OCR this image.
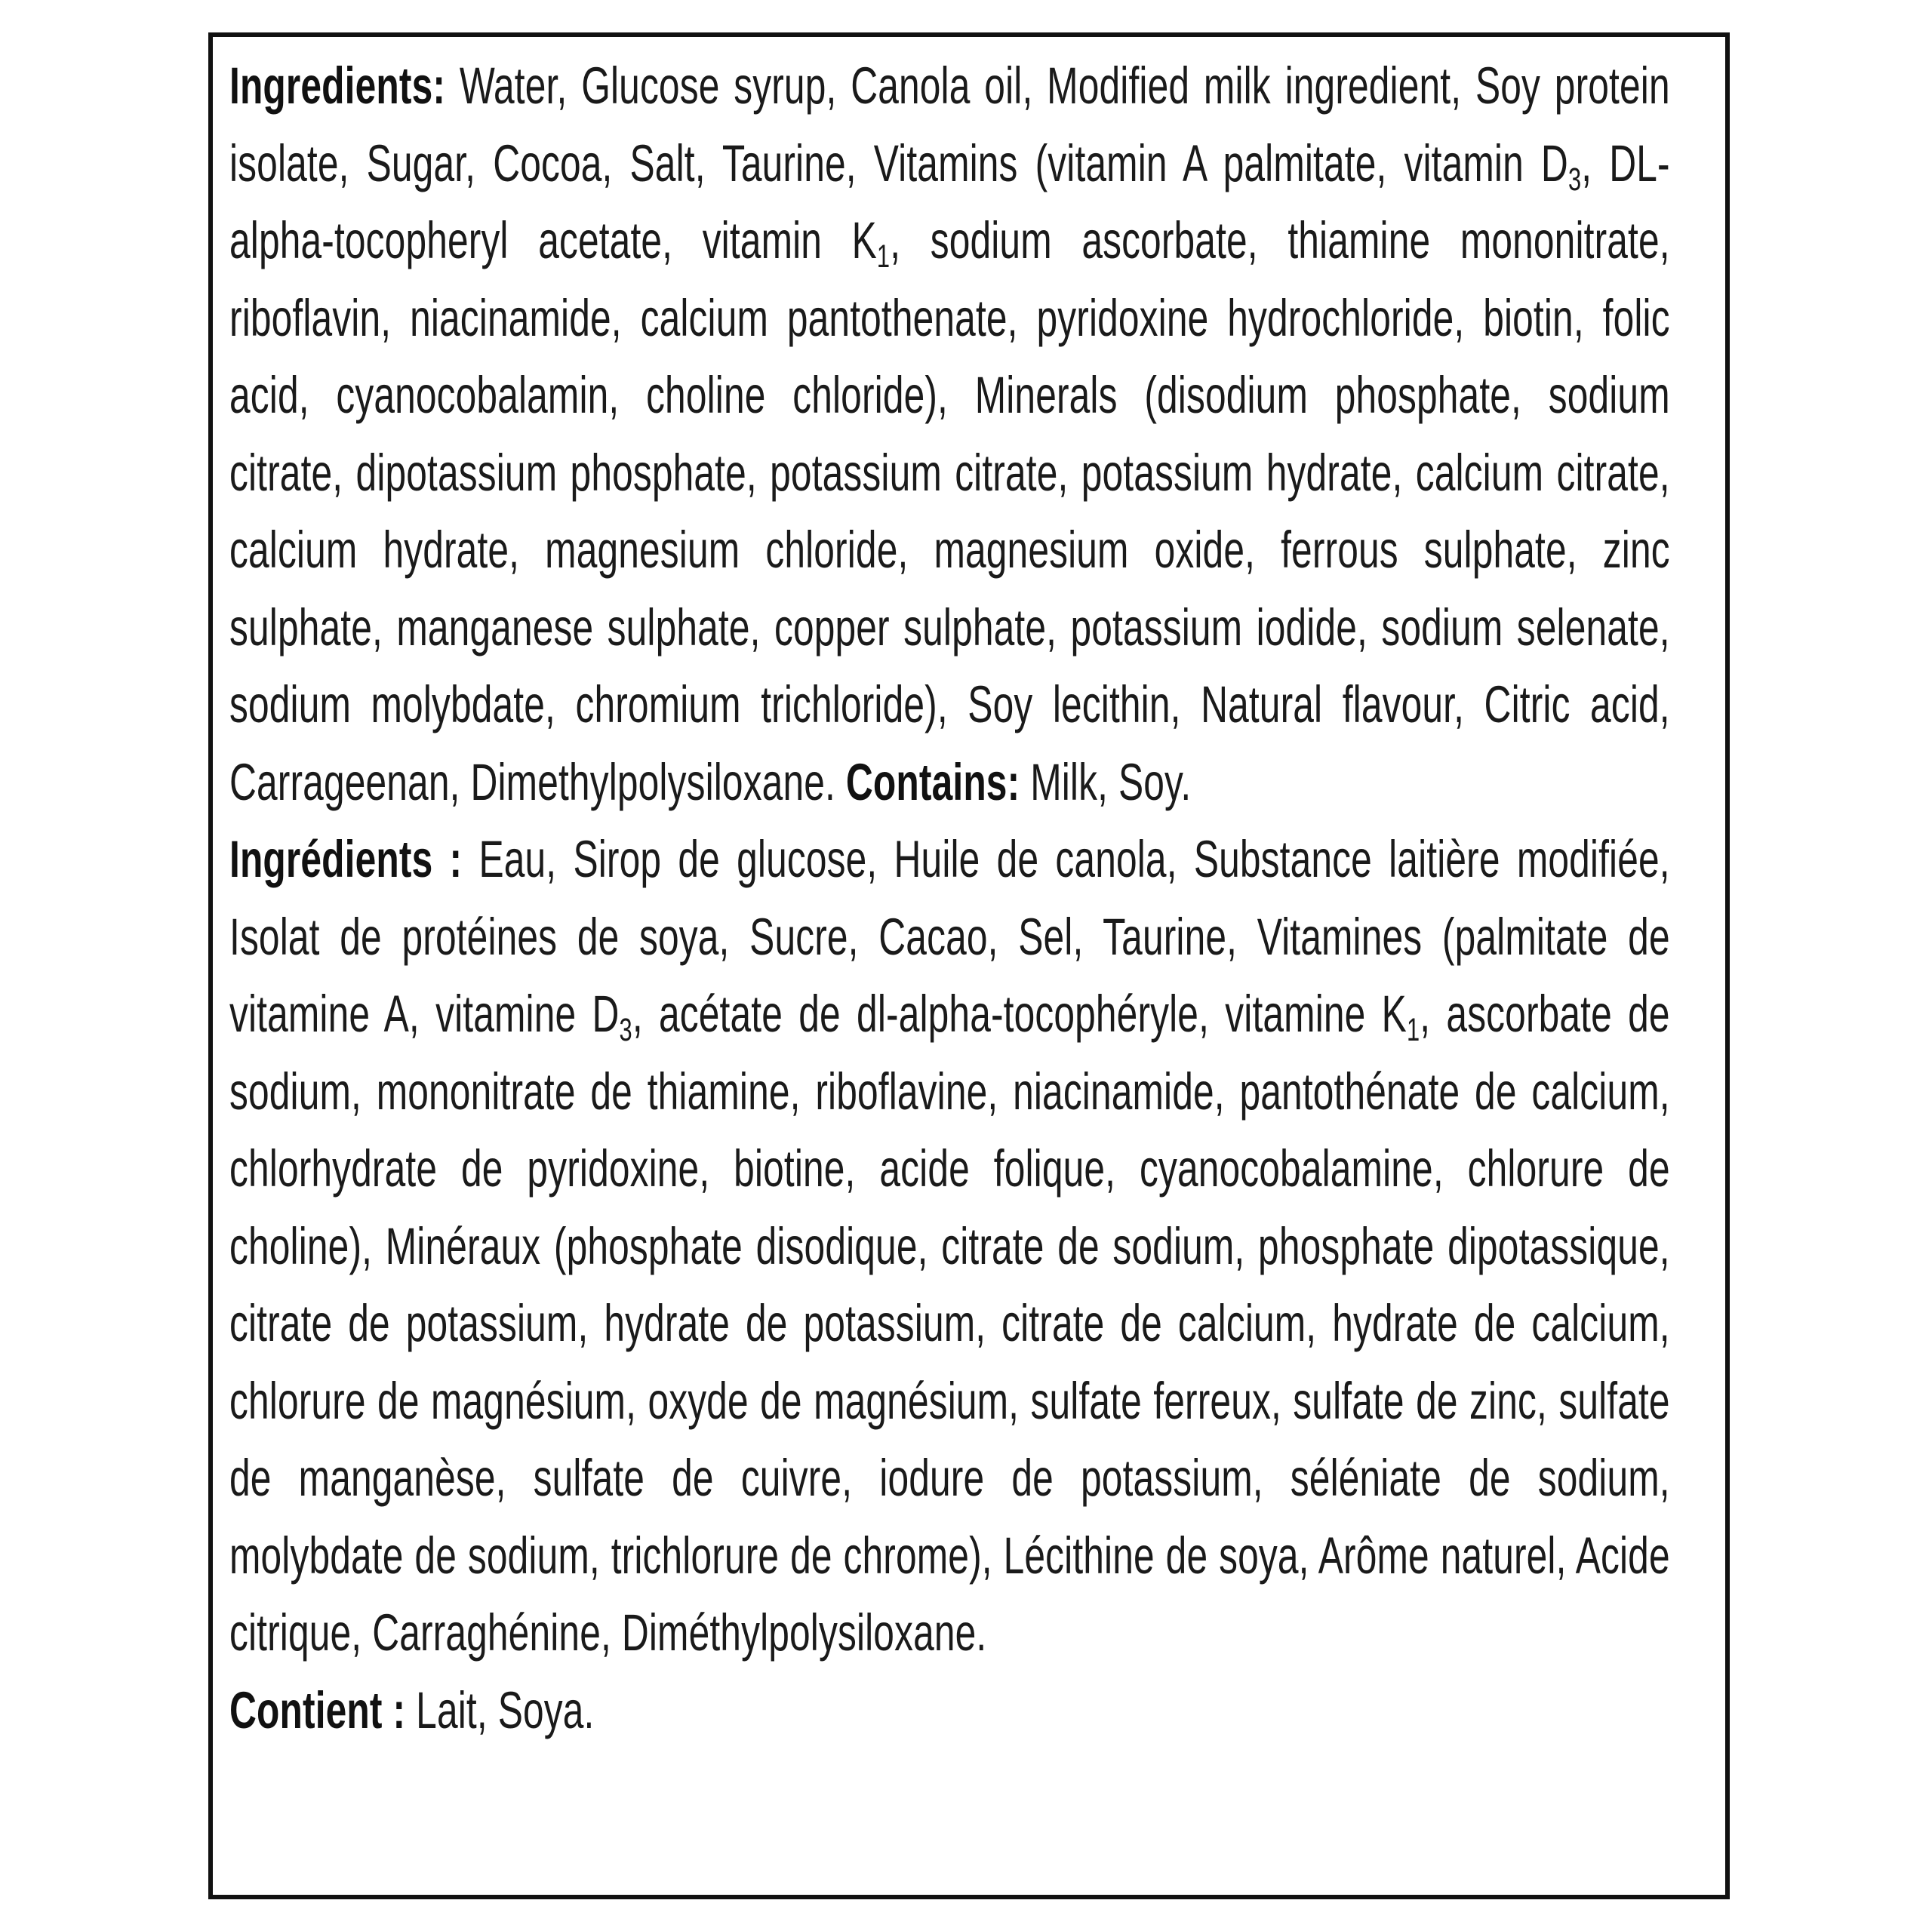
Ingredients: Water, Glucose syrup, Canola oil, Modified milk ingredient, Soy protein isolate, Sugar, Cocoa, Salt, Taurine, Vitamins (vitamin A palmitate, vitamin $D_3$, DL-alpha-tocopheryl acetate, vitamin $K_1$, sodium ascorbate, thiamine mononitrate, riboflavin, niacinamide, calcium pantothenate, pyridoxine hydrochloride, biotin, folic acid, cyanocobalamin, choline chloride), Minerals (disodium phosphate, sodium citrate, dipotassium phosphate, potassium citrate, potassium hydrate, calcium citrate, calcium hydrate, magnesium chloride, magnesium oxide, ferrous sulphate, zinc sulphate, manganese sulphate, copper sulphate, potassium iodide, sodium selenate, sodium molybdate, chromium trichloride), Soy lecithin, Natural flavour, Citric acid, Carrageenan, Dimethylpolysiloxane. Contains: Milk, Soy.

Ingrédients : Eau, Sirop de glucose, Huile de canola, Substance laitière modifiée, Isolat de protéines de soya, Sucre, Cacao, Sel, Taurine, Vitamines (palmitate de vitamine A, vitamine $D_3$, acétate de dl-alpha-tocophéryle, vitamine $K_1$, ascorbate de sodium, mononitrate de thiamine, riboflavine, niacinamide, pantothénate de calcium, chlorhydrate de pyridoxine, biotine, acide folique, cyanocobalamine, chlorure de choline), Minéraux (phosphate disodique, citrate de sodium, phosphate dipotassique, citrate de potassium, hydrate de potassium, citrate de calcium, hydrate de calcium, chlorure de magnésium, oxyde de magnésium, sulfate ferreux, sulfate de zinc, sulfate de manganèse, sulfate de cuivre, iodure de potassium, séléniate de sodium, molybdate de sodium, trichlorure de chrome), Lécithine de soya, Arôme naturel, Acide citrique, Carraghénine, Diméthylpolysiloxane.

Contient : Lait, Soya.
